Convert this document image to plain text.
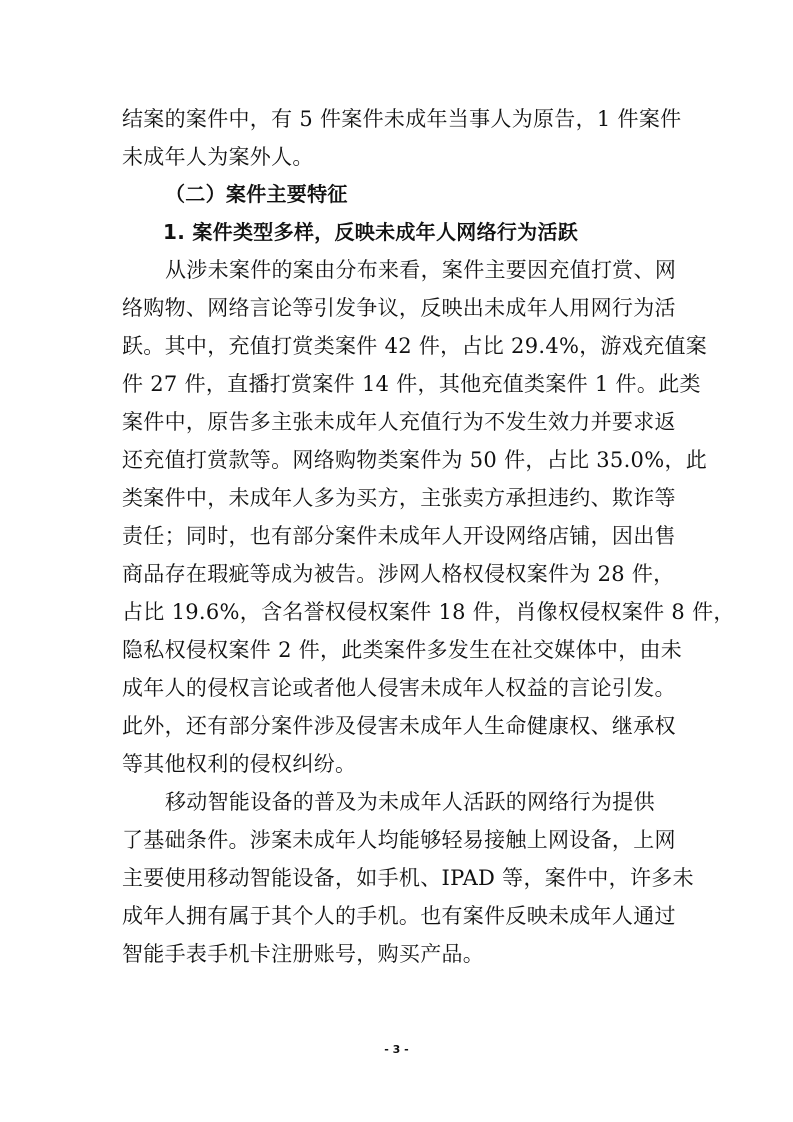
结案的案件中，有 5 件案件未成年当事人为原告，1 件案件
未成年人为案外人。
（二）案件主要特征
1. 案件类型多样，反映未成年人网络行为活跃
从涉未案件的案由分布来看，案件主要因充值打赏、网
络购物、网络言论等引发争议，反映出未成年人用网行为活
跃。其中，充值打赏类案件 42 件，占比 29.4%，游戏充值案
件 27 件，直播打赏案件 14 件，其他充值类案件 1 件。此类
案件中，原告多主张未成年人充值行为不发生效力并要求返
还充值打赏款等。网络购物类案件为 50 件，占比 35.0%，此
类案件中，未成年人多为买方，主张卖方承担违约、欺诈等
责任；同时，也有部分案件未成年人开设网络店铺，因出售
商品存在瑕疵等成为被告。涉网人格权侵权案件为 28 件，
占比 19.6%，含名誉权侵权案件 18 件，肖像权侵权案件 8 件，
隐私权侵权案件 2 件，此类案件多发生在社交媒体中，由未
成年人的侵权言论或者他人侵害未成年人权益的言论引发。
此外，还有部分案件涉及侵害未成年人生命健康权、继承权
等其他权利的侵权纠纷。
移动智能设备的普及为未成年人活跃的网络行为提供
了基础条件。涉案未成年人均能够轻易接触上网设备，上网
主要使用移动智能设备，如手机、IPAD 等，案件中，许多未
成年人拥有属于其个人的手机。也有案件反映未成年人通过
智能手表手机卡注册账号，购买产品。
- 3 -
